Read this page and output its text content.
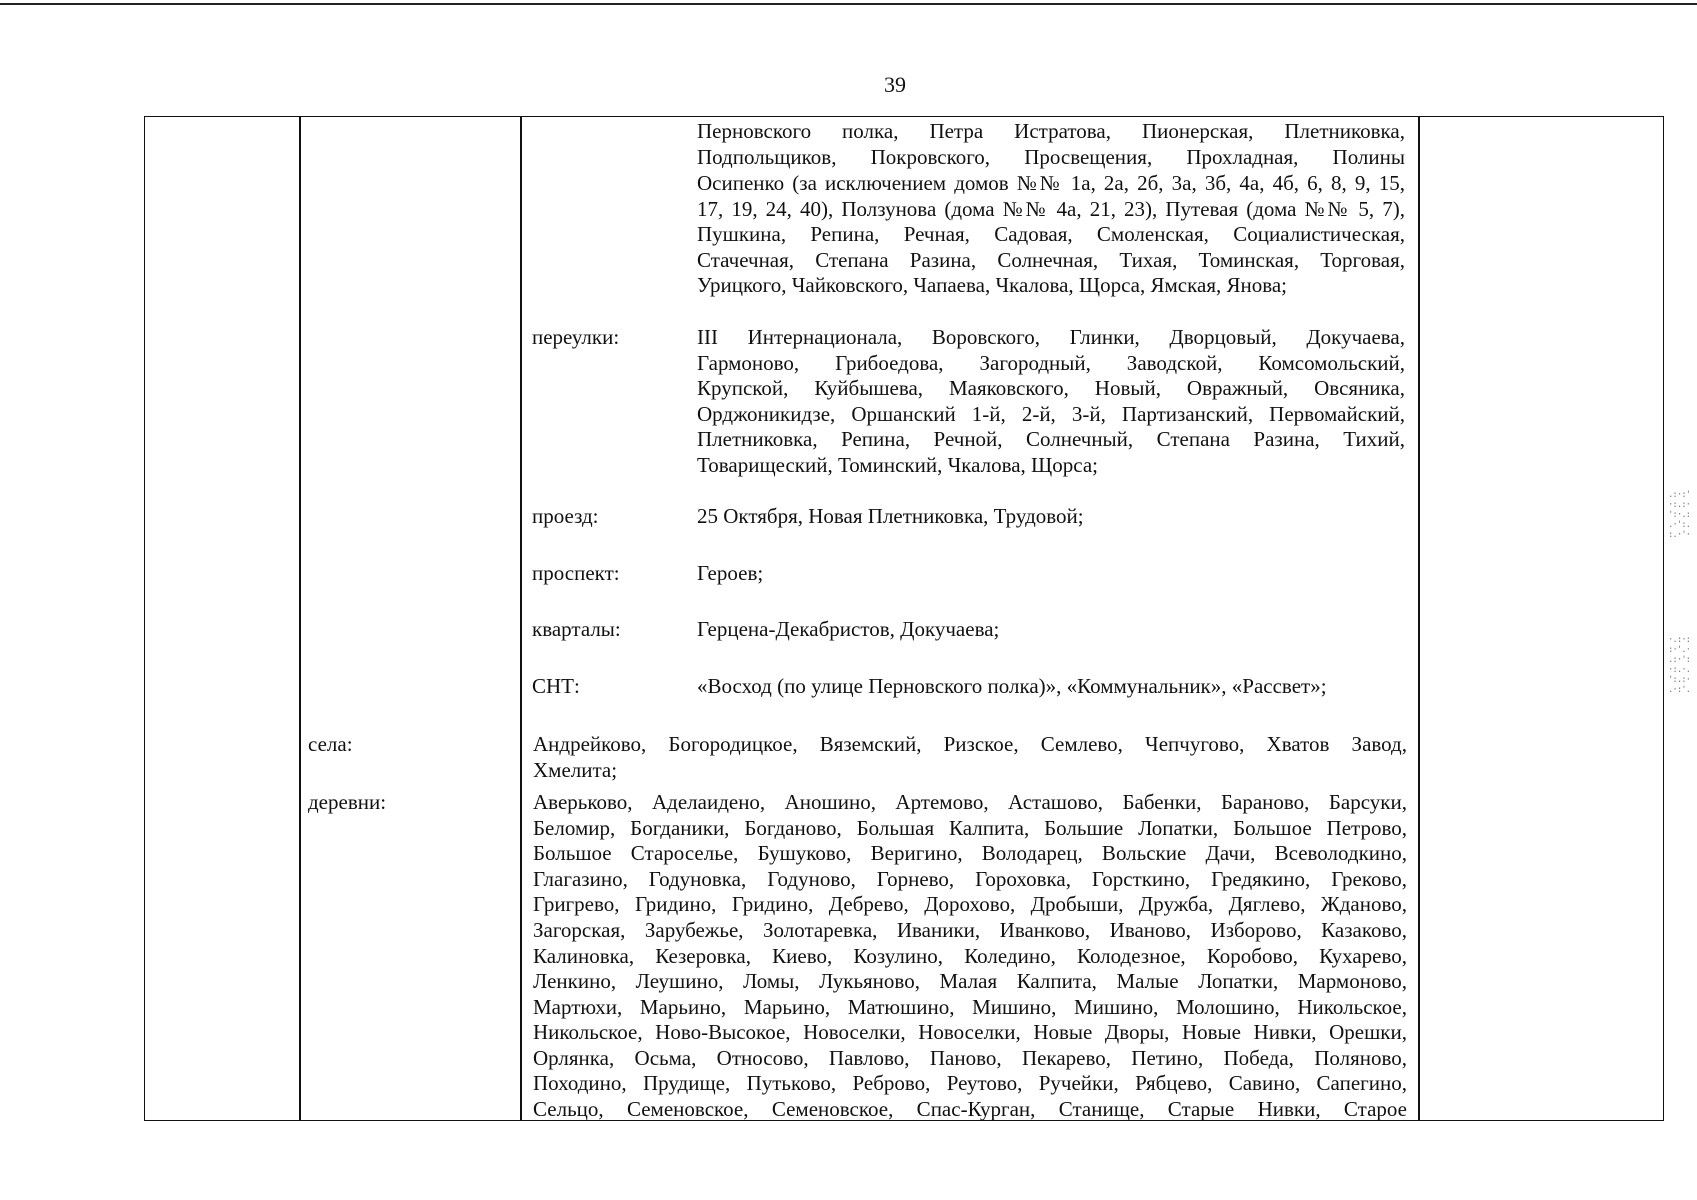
39
Перновского полка, Петра Истратова, Пионерская, Плетниковка,
Подпольщиков, Покровского, Просвещения, Прохладная, Полины
Осипенко (за исключением домов №№ 1а, 2а, 2б, 3а, 3б, 4а, 4б, 6, 8, 9, 15,
17, 19, 24, 40), Ползунова (дома №№ 4а, 21, 23), Путевая (дома №№ 5, 7),
Пушкина, Репина, Речная, Садовая, Смоленская, Социалистическая,
Стачечная, Степана Разина, Солнечная, Тихая, Томинская, Торговая,
Урицкого, Чайковского, Чапаева, Чкалова, Щорса, Ямская, Янова;
переулки:	III Интернационала, Воровского, Глинки, Дворцовый, Докучаева,
Гармоново, Грибоедова, Загородный, Заводской, Комсомольский,
Крупской, Куйбышева, Маяковского, Новый, Овражный, Овсяника,
Орджоникидзе, Оршанский 1-й, 2-й, 3-й, Партизанский, Первомайский,
Плетниковка, Репина, Речной, Солнечный, Степана Разина, Тихий,
Товарищеский, Томинский, Чкалова, Щорса;
проезд:	25 Октября, Новая Плетниковка, Трудовой;
проспект:	Героев;
кварталы:	Герцена-Декабристов, Докучаева;
СНТ:	«Восход (по улице Перновского полка)», «Коммунальник», «Рассвет»;
села:	Андрейково, Богородицкое, Вяземский, Ризское, Семлево, Чепчугово, Хватов Завод,
Хмелита;
деревни:	Аверьково, Аделаидено, Аношино, Артемово, Асташово, Бабенки, Бараново, Барсуки,
Беломир, Богданики, Богданово, Большая Калпита, Большие Лопатки, Большое Петрово,
Большое Староселье, Бушуково, Веригино, Володарец, Вольские Дачи, Всеволодкино,
Глагазино, Годуновка, Годуново, Горнево, Гороховка, Горсткино, Гредякино, Греково,
Григрево, Гридино, Гридино, Дебрево, Дорохово, Дробыши, Дружба, Дяглево, Жданово,
Загорская, Зарубежье, Золотаревка, Иваники, Иванково, Иваново, Изборово, Казаково,
Калиновка, Кезеровка, Киево, Козулино, Коледино, Колодезное, Коробово, Кухарево,
Ленкино, Леушино, Ломы, Лукьяново, Малая Калпита, Малые Лопатки, Мармоново,
Мартюхи, Марьино, Марьино, Матюшино, Мишино, Мишино, Молошино, Никольское,
Никольское, Ново-Высокое, Новоселки, Новоселки, Новые Дворы, Новые Нивки, Орешки,
Орлянка, Осьма, Относово, Павлово, Паново, Пекарево, Петино, Победа, Поляново,
Походино, Прудище, Путьково, Реброво, Реутово, Ручейки, Рябцево, Савино, Сапегино,
Сельцо, Семеновское, Семеновское, Спас-Курган, Станище, Старые Нивки, Старое
.:·:'
·:.:·
':·.:
.·':.
:.·'·
·.:·:
:·'.·
.:·':
·:.·.
':.:·
.·:'.
